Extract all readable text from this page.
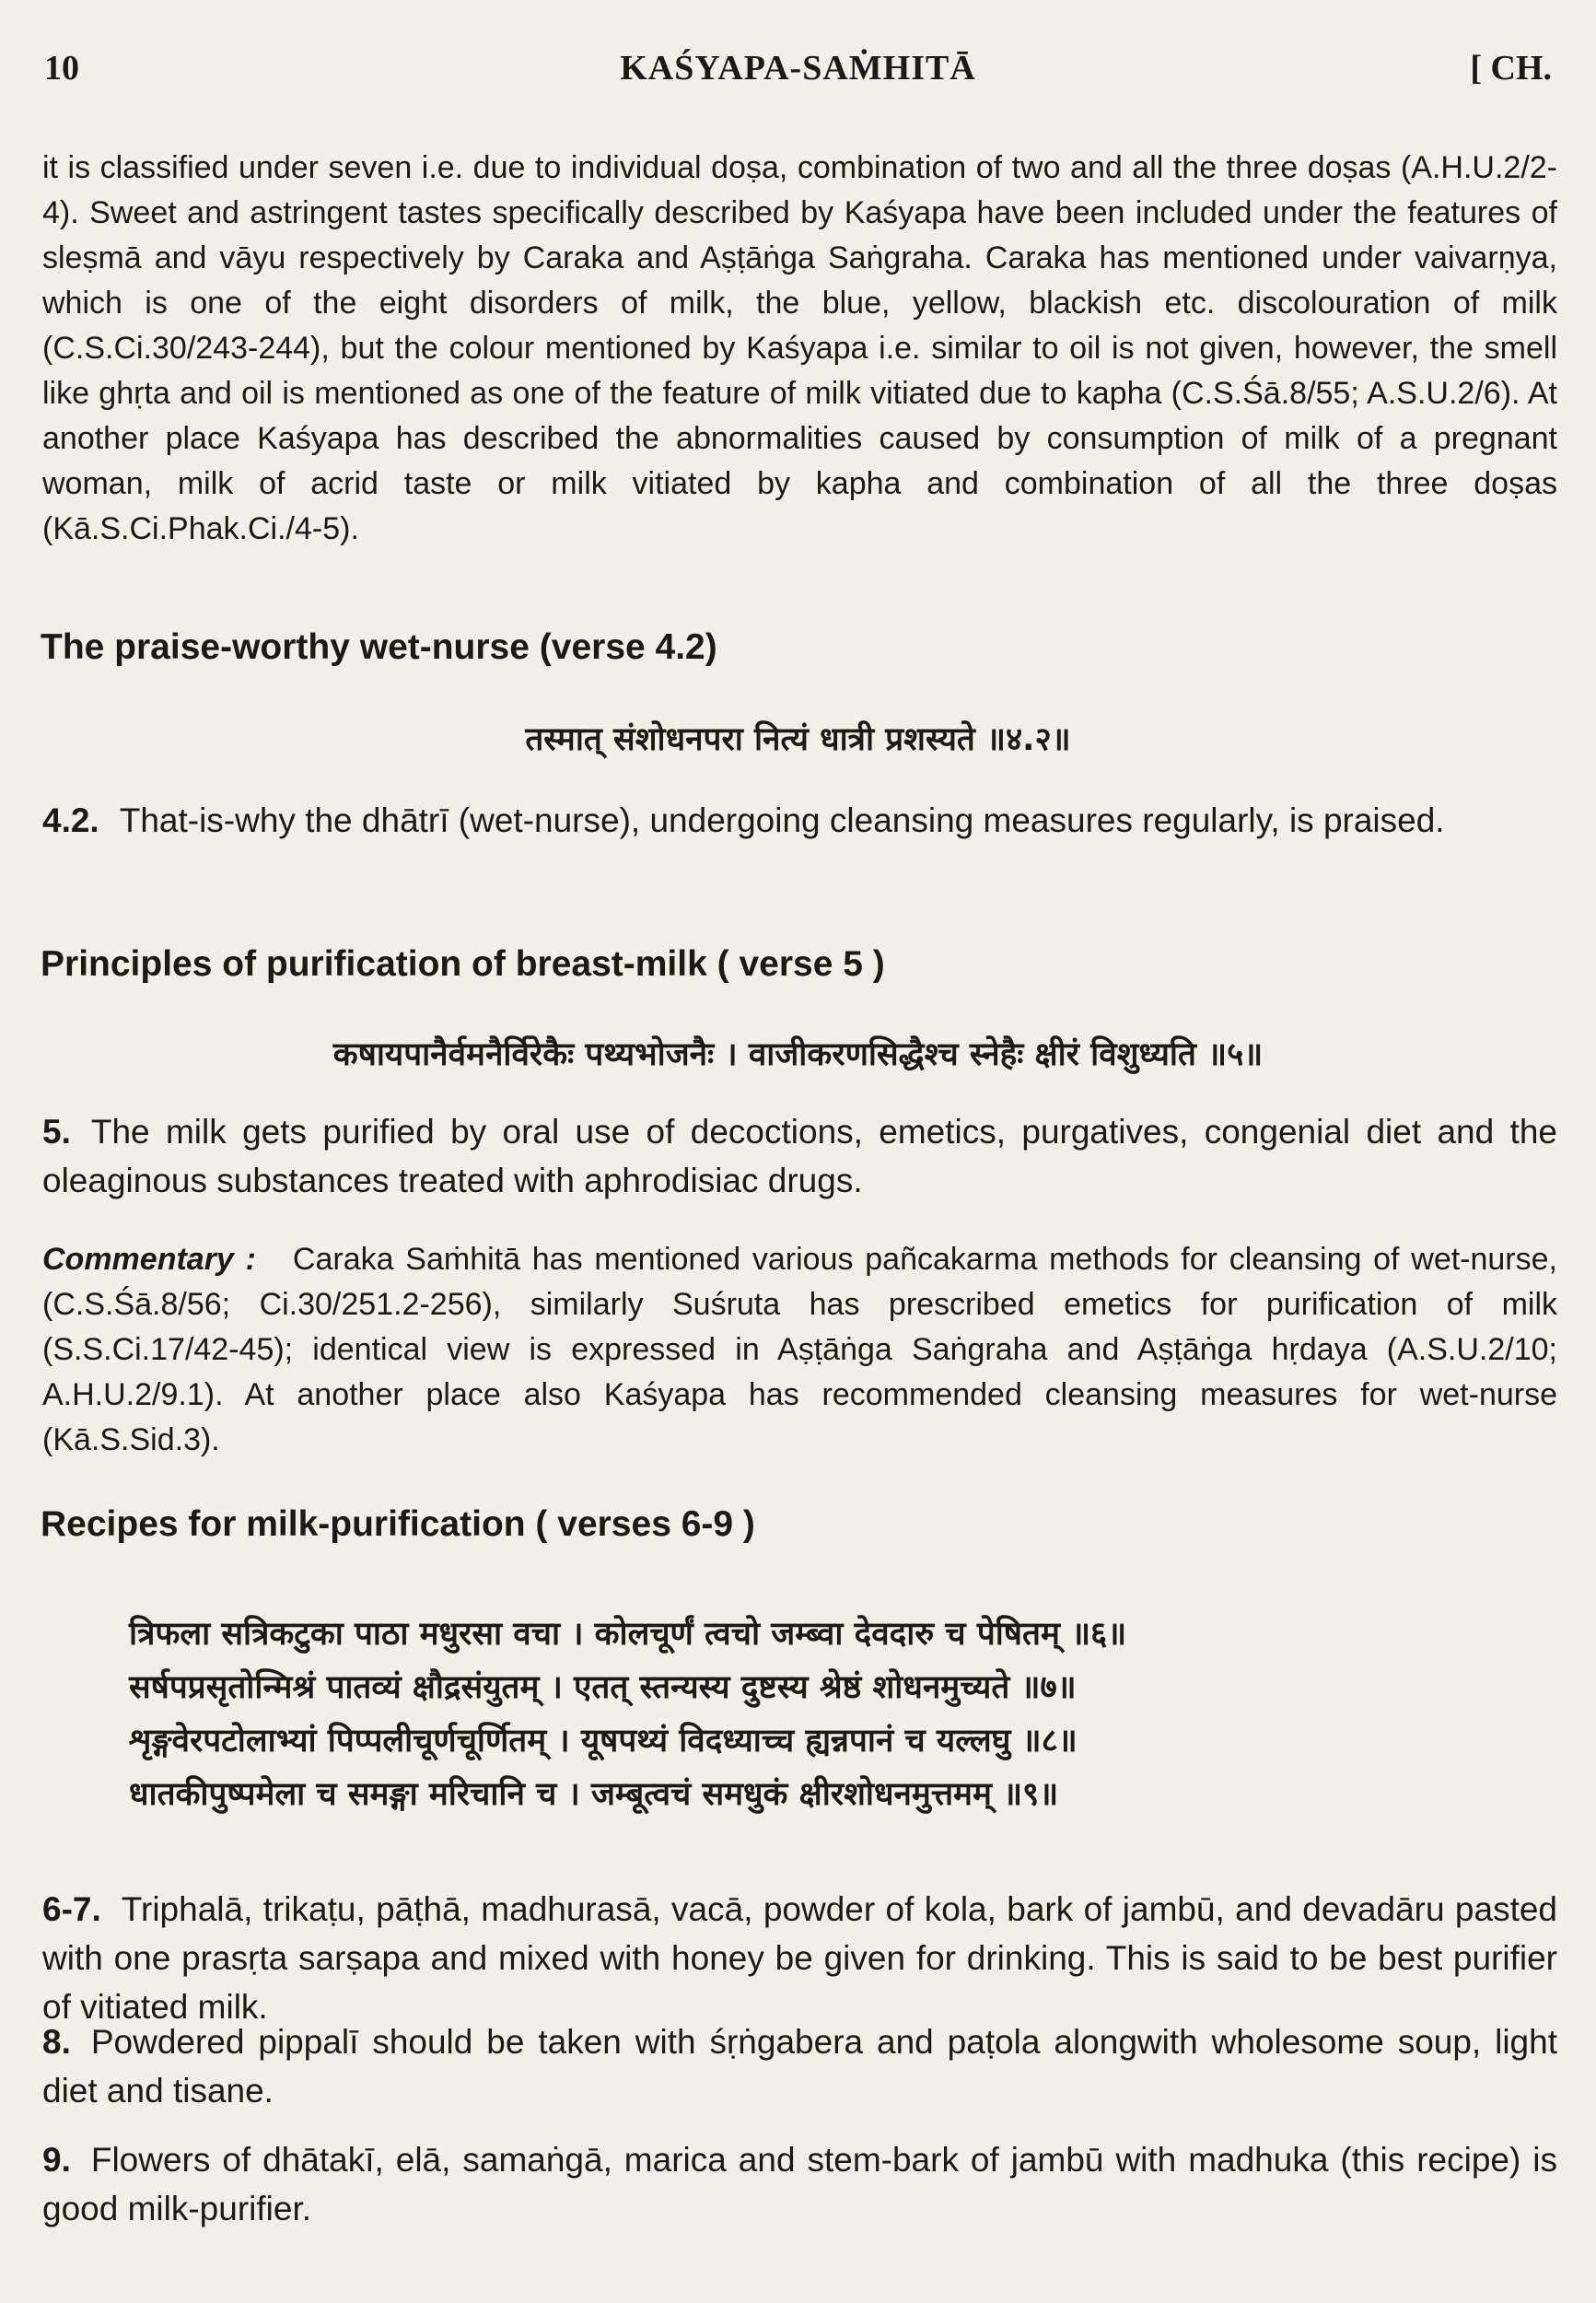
10	KAŚYAPA-SAṀHITĀ	[ CH.

it is classified under seven i.e. due to individual doṣa, combination of two and all the three doṣas (A.H.U.2/2-4). Sweet and astringent tastes specifically described by Kaśyapa have been included under the features of sleṣmā and vāyu respectively by Caraka and Aṣṭāṅga Saṅgraha. Caraka has mentioned under vaivarṇya, which is one of the eight disorders of milk, the blue, yellow, blackish etc. discolouration of milk (C.S.Ci.30/243-244), but the colour mentioned by Kaśyapa i.e. similar to oil is not given, however, the smell like ghṛta and oil is mentioned as one of the feature of milk vitiated due to kapha (C.S.Śā.8/55; A.S.U.2/6). At another place Kaśyapa has described the abnormalities caused by consumption of milk of a pregnant woman, milk of acrid taste or milk vitiated by kapha and combination of all the three doṣas (Kā.S.Ci.Phak.Ci./4-5).

The praise-worthy wet-nurse (verse 4.2)

तस्मात् संशोधनपरा नित्यं धात्री प्रशस्यते ॥४.२॥

4.2. That-is-why the dhātrī (wet-nurse), undergoing cleansing measures regularly, is praised.

Principles of purification of breast-milk ( verse 5 )

कषायपानैर्वमनैर्विरेकैः पथ्यभोजनैः । वाजीकरणसिद्धैश्च स्नेहैः क्षीरं विशुध्यति ॥५॥

5. The milk gets purified by oral use of decoctions, emetics, purgatives, congenial diet and the oleaginous substances treated with aphrodisiac drugs.

Commentary : Caraka Saṁhitā has mentioned various pañcakarma methods for cleansing of wet-nurse, (C.S.Śā.8/56; Ci.30/251.2-256), similarly Suśruta has prescribed emetics for purification of milk (S.S.Ci.17/42-45); identical view is expressed in Aṣṭāṅga Saṅgraha and Aṣṭāṅga hṛdaya (A.S.U.2/10; A.H.U.2/9.1). At another place also Kaśyapa has recommended cleansing measures for wet-nurse (Kā.S.Sid.3).

Recipes for milk-purification ( verses 6-9 )
त्रिफला सत्रिकटुका पाठा मधुरसा वचा । कोलचूर्णं त्वचो जम्ब्वा देवदारु च पेषितम् ॥६॥
सर्षपप्रसृतोन्मिश्रं पातव्यं क्षौद्रसंयुतम् । एतत् स्तन्यस्य दुष्टस्य श्रेष्ठं शोधनमुच्यते ॥७॥
शृङ्गवेरपटोलाभ्यां पिप्पलीचूर्णचूर्णितम् । यूषपथ्यं विदध्याच्च ह्यन्नपानं च यल्लघु ॥८॥
धातकीपुष्पमेला च समङ्गा मरिचानि च । जम्बूत्वचं समधुकं क्षीरशोधनमुत्तमम् ॥९॥

6-7. Triphalā, trikaṭu, pāṭhā, madhurasā, vacā, powder of kola, bark of jambū, and devadāru pasted with one prasṛta sarṣapa and mixed with honey be given for drinking. This is said to be best purifier of vitiated milk.

8. Powdered pippalī should be taken with śṛṅgabera and paṭola alongwith wholesome soup, light diet and tisane.

9. Flowers of dhātakī, elā, samaṅgā, marica and stem-bark of jambū with madhuka (this recipe) is good milk-purifier.
